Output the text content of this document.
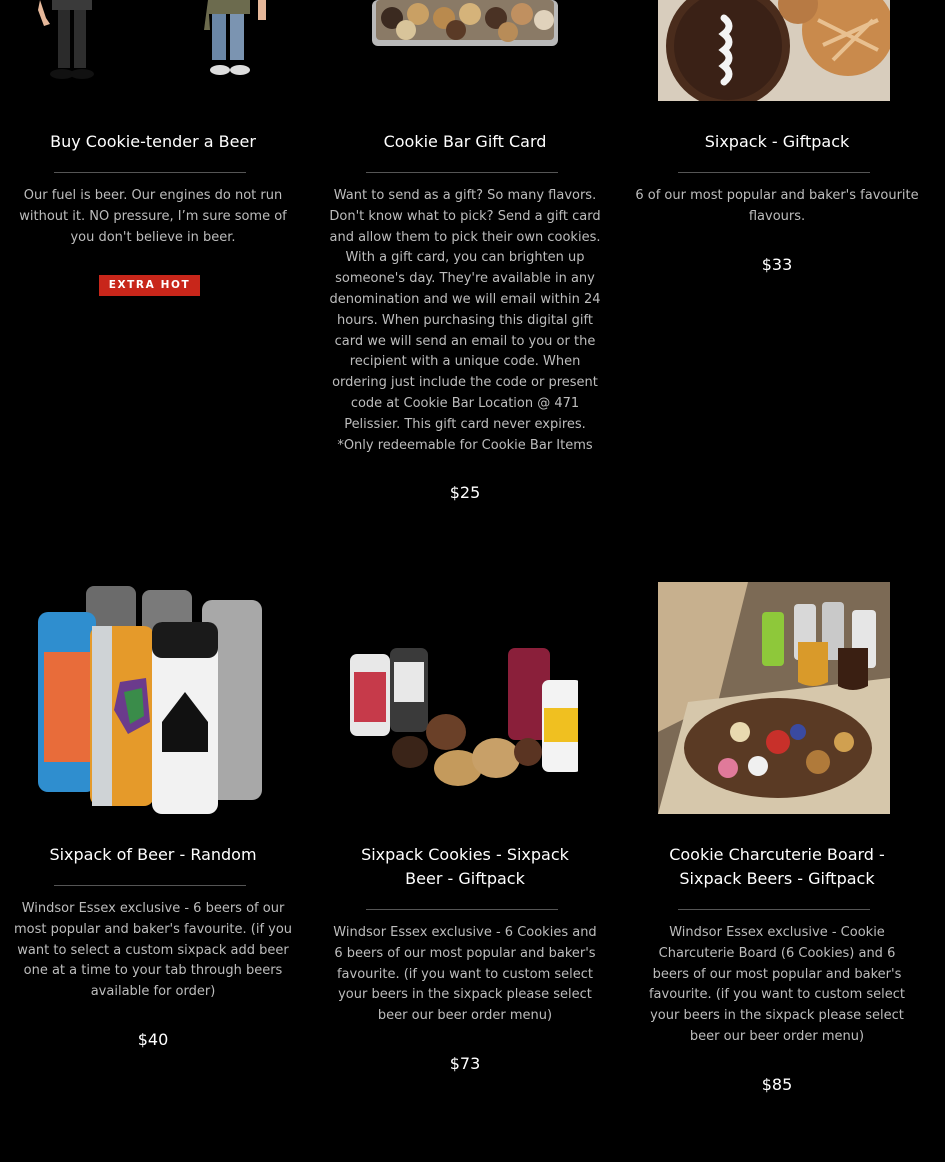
Buy Cookie-tender a Beer
Our fuel is beer. Our engines do not run without it. NO pressure, I’m sure some of you don't believe in beer.
EXTRA HOT
Cookie Bar Gift Card
Want to send as a gift? So many flavors. Don't know what to pick? Send a gift card and allow them to pick their own cookies. With a gift card, you can brighten up someone's day. They're available in any denomination and we will email within 24 hours. When purchasing this digital gift card we will send an email to you or the recipient with a unique code. When ordering just include the code or present code at Cookie Bar Location @ 471 Pelissier. This gift card never expires. *Only redeemable for Cookie Bar Items
$25
Sixpack - Giftpack
6 of our most popular and baker's favourite flavours.
$33
Sixpack of Beer - Random
Windsor Essex exclusive - 6 beers of our most popular and baker's favourite. (if you want to select a custom sixpack add beer one at a time to your tab through beers available for order)
$40
Sixpack Cookies - Sixpack Beer - Giftpack
Windsor Essex exclusive - 6 Cookies and 6 beers of our most popular and baker's favourite. (if you want to custom select your beers in the sixpack please select beer our beer order menu)
$73
Cookie Charcuterie Board - Sixpack Beers - Giftpack
Windsor Essex exclusive - Cookie Charcuterie Board (6 Cookies) and 6 beers of our most popular and baker's favourite. (if you want to custom select your beers in the sixpack please select beer our beer order menu)
$85
